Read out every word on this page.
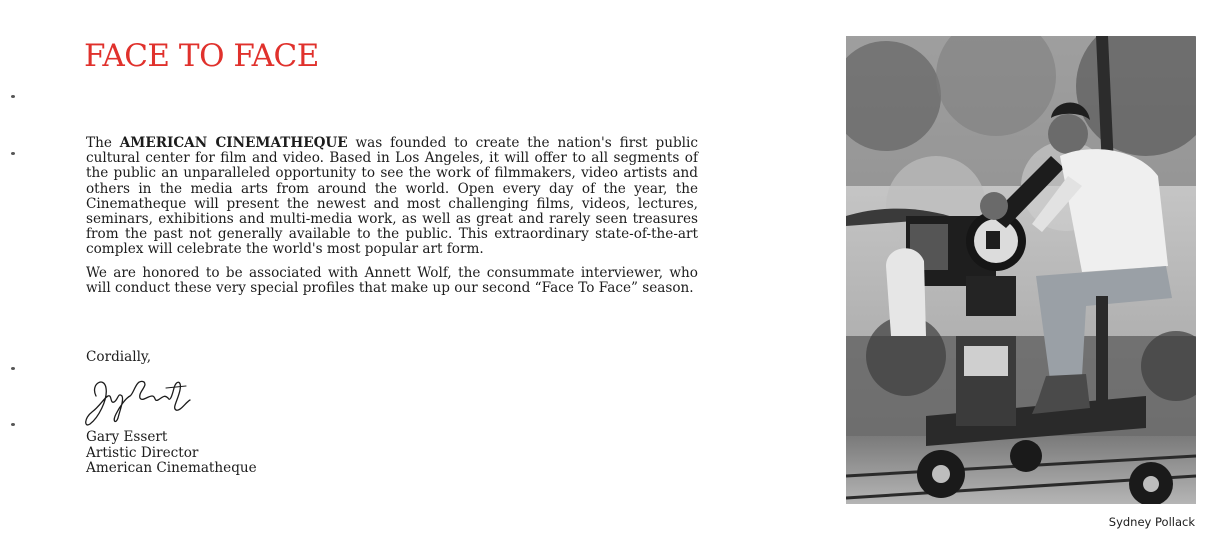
FACE TO FACE

The AMERICAN CINEMATHEQUE was founded to create the nation's first public cultural center for film and video. Based in Los Angeles, it will offer to all segments of the public an unparalleled opportunity to see the work of filmmakers, video artists and others in the media arts from around the world. Open every day of the year, the Cinematheque will present the newest and most challenging films, videos, lectures, seminars, exhibitions and multi-media work, as well as great and rarely seen treasures from the past not generally available to the public. This extraordinary state-of-the-art complex will celebrate the world's most popular art form.

We are honored to be associated with Annett Wolf, the consummate interviewer, who will conduct these very special profiles that make up our second “Face To Face” season.

Cordially,
Gary Essert
Artistic Director
American Cinematheque
Sydney Pollack
